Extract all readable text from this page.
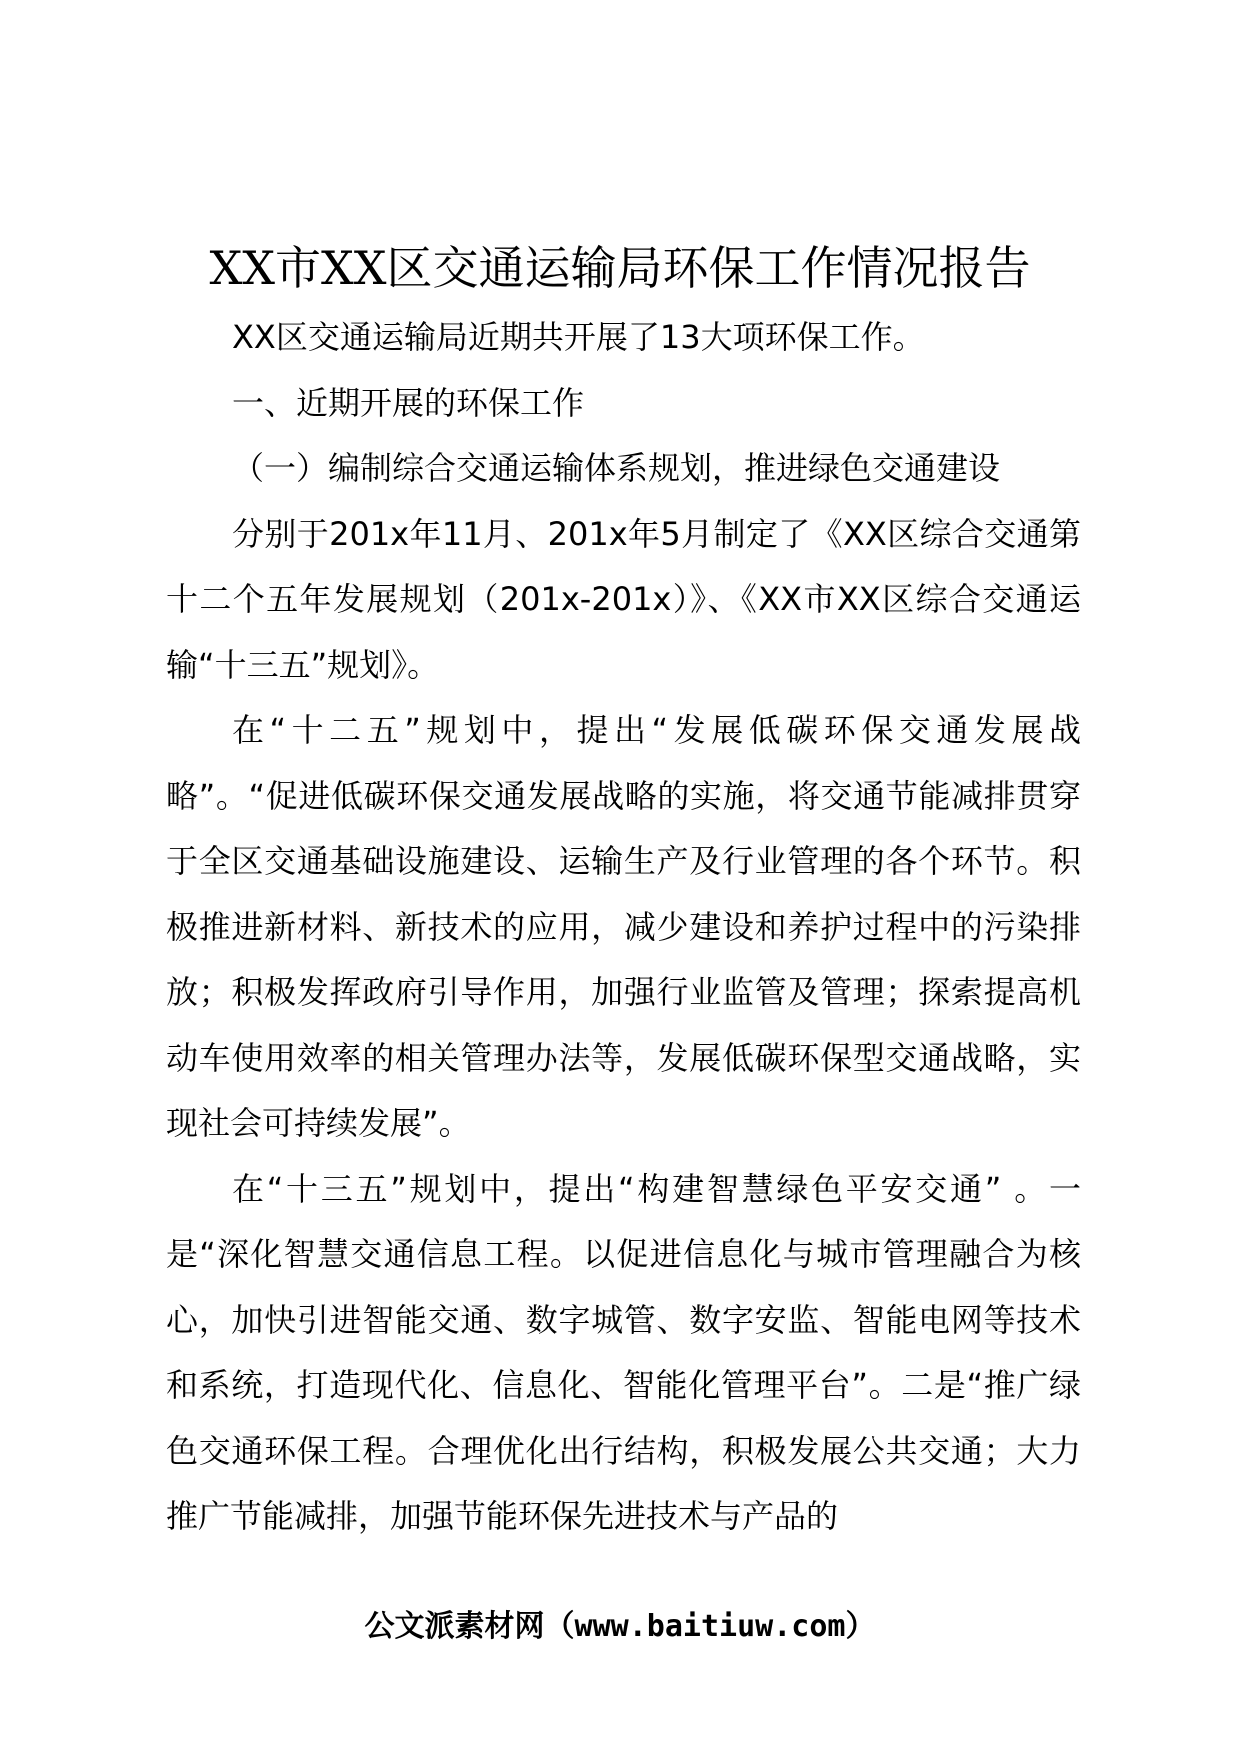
XX市XX区交通运输局环保工作情况报告

XX区交通运输局近期共开展了13大项环保工作。

一、近期开展的环保工作

（一）编制综合交通运输体系规划，推进绿色交通建设

分别于201x年11月、201x年5月制定了《XX区综合交通第十二个五年发展规划（201x-201x）》、《XX市XX区综合交通运输“十三五”规划》。

在“十二五”规划中，提出“发展低碳环保交通发展战略”。“促进低碳环保交通发展战略的实施，将交通节能减排贯穿于全区交通基础设施建设、运输生产及行业管理的各个环节。积极推进新材料、新技术的应用，减少建设和养护过程中的污染排放；积极发挥政府引导作用，加强行业监管及管理；探索提高机动车使用效率的相关管理办法等，发展低碳环保型交通战略，实现社会可持续发展”。

在“十三五”规划中，提出“构建智慧绿色平安交通” 。一是“深化智慧交通信息工程。以促进信息化与城市管理融合为核心，加快引进智能交通、数字城管、数字安监、智能电网等技术和系统，打造现代化、信息化、智能化管理平台”。二是“推广绿色交通环保工程。合理优化出行结构，积极发展公共交通；大力推广节能减排，加强节能环保先进技术与产品的

公文派素材网（www.baitiuw.com）
